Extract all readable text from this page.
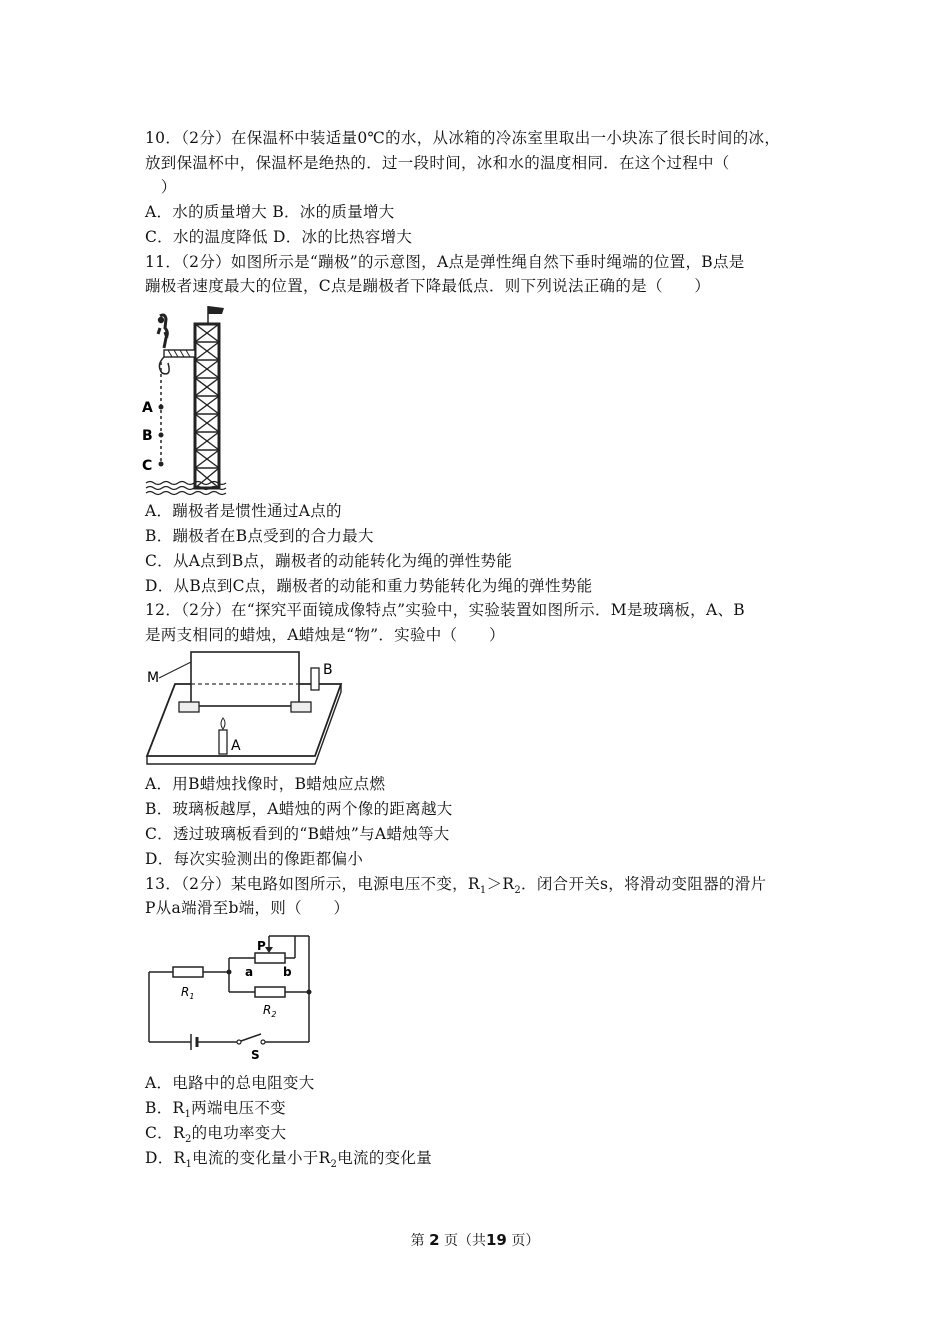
10．（2分）在保温杯中装适量0℃的水，从冰箱的冷冻室里取出一小块冻了很长时间的冰，
放到保温杯中，保温杯是绝热的．过一段时间，冰和水的温度相同．在这个过程中（
　）
A．水的质量增大 B．冰的质量增大
C．水的温度降低 D．冰的比热容增大
11．（2分）如图所示是“蹦极”的示意图，A点是弹性绳自然下垂时绳端的位置，B点是
蹦极者速度最大的位置，C点是蹦极者下降最低点．则下列说法正确的是（　　）
A
B
C
A．蹦极者是惯性通过A点的
B．蹦极者在B点受到的合力最大
C．从A点到B点，蹦极者的动能转化为绳的弹性势能
D．从B点到C点，蹦极者的动能和重力势能转化为绳的弹性势能
12．（2分）在“探究平面镜成像特点”实验中，实验装置如图所示．M是玻璃板，A、B
是两支相同的蜡烛，A蜡烛是“物”．实验中（　　）
M	B
A
A．用B蜡烛找像时，B蜡烛应点燃
B．玻璃板越厚，A蜡烛的两个像的距离越大
C．透过玻璃板看到的“B蜡烛”与A蜡烛等大
D．每次实验测出的像距都偏小
13．（2分）某电路如图所示，电源电压不变，$R_1>R_2$．闭合开关s，将滑动变阻器的滑片
P从a端滑至b端，则（　　）
P
a b
$R_1$
$R_2$
S
A．电路中的总电阻变大
B．$R_1$两端电压不变
C．$R_2$的电功率变大
D．$R_1$电流的变化量小于$R_2$电流的变化量
第 2 页（共19 页）
